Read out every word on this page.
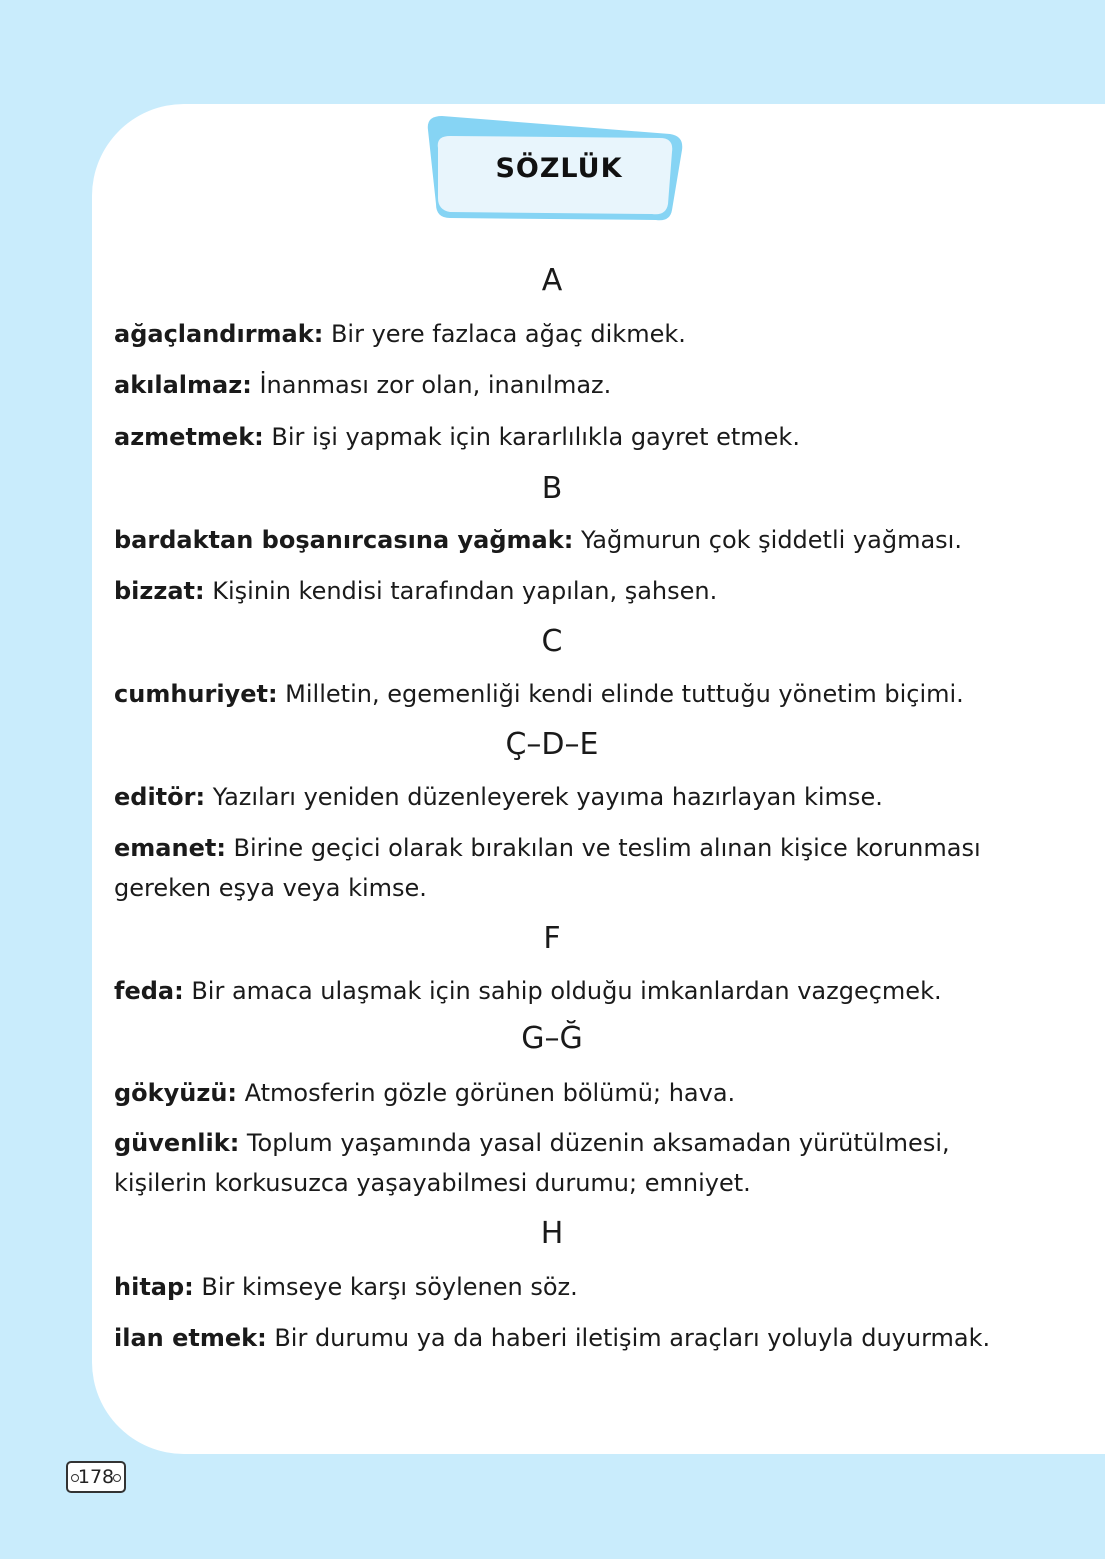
SÖZLÜK
A
ağaçlandırmak: Bir yere fazlaca ağaç dikmek.
akılalmaz: İnanması zor olan, inanılmaz.
azmetmek: Bir işi yapmak için kararlılıkla gayret etmek.
B
bardaktan boşanırcasına yağmak: Yağmurun çok şiddetli yağması.
bizzat: Kişinin kendisi tarafından yapılan, şahsen.
C
cumhuriyet: Milletin, egemenliği kendi elinde tuttuğu yönetim biçimi.
Ç–D–E
editör: Yazıları yeniden düzenleyerek yayıma hazırlayan kimse.
emanet: Birine geçici olarak bırakılan ve teslim alınan kişice korunması gereken eşya veya kimse.
F
feda: Bir amaca ulaşmak için sahip olduğu imkanlardan vazgeçmek.
G–Ğ
gökyüzü: Atmosferin gözle görünen bölümü; hava.
güvenlik: Toplum yaşamında yasal düzenin aksamadan yürütülmesi, kişilerin korkusuzca yaşayabilmesi durumu; emniyet.
H
hitap: Bir kimseye karşı söylenen söz.
ilan etmek: Bir durumu ya da haberi iletişim araçları yoluyla duyurmak.
178
